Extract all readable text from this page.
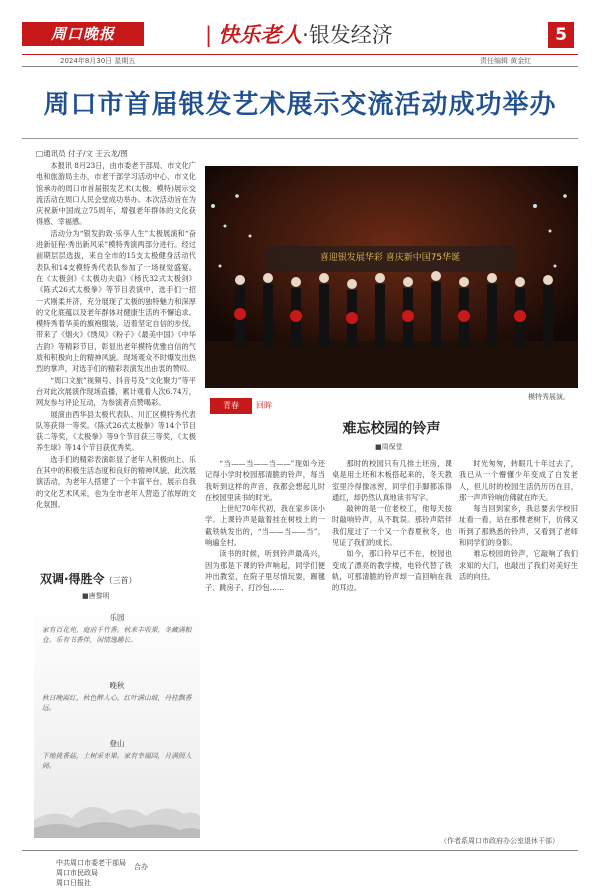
周口晚报	| 快乐老人·银发经济	5
2024年8月30日 星期五	责任编辑 黄金红
周口市首届银发艺术展示交流活动成功举办
□通讯员 付子/文 王云龙/图

本报讯 8月23日，由市委老干部局、市文化广电和旅游局主办，市老干部学习活动中心、市文化馆承办的周口市首届银发艺术(太极、模特)展示交流活动在周口人民会堂成功举办。本次活动旨在为庆祝新中国成立75周年，增强老年群体的文化获得感、幸福感。

活动分为“银发韵致·乐享人生”太极展演和“奋进新征程·秀出新风采”模特秀演两部分进行。经过前期层层选拔，来自全市的15支太极健身活动代表队和14支模特秀代表队参加了一场视觉盛宴。在《太极剑》《太极功夫扇》《杨氏32式太极剑》《陈式26式太极拳》等节目表演中，选手们一招一式刚柔并济，充分展现了太极的独特魅力和深厚的文化底蕴以及老年群体对健康生活的不懈追求。模特秀着华美的旗袍服装，迈着坚定自信的步伐，带来了《烟火》《绣凤》《粉子》《最美中国》《中华古韵》等精彩节目，彰显出老年模特优雅自信的气质和积极向上的精神风貌。现场观众不时爆发出热烈的掌声，对选手们的精彩表演发出由衷的赞叹。

“周口文旅”视频号、抖音号及“文化聚力”等平台对此次展演作现场直播，累计观看人次6.74万，网友参与评论互动，为参演者点赞喝彩。

展演由西华县太极代表队、川汇区模特秀代表队等获得一等奖。《陈式26式太极拳》等14个节目获二等奖，《太极拳》等9个节目获三等奖，《太极养生球》等14个节目获优秀奖。

选手们的精彩表演彰显了老年人积极向上、乐在其中的积极生活态度和良好的精神风貌，此次展演活动，为老年人搭建了一个丰富平台，展示自我的文化艺术风采，也为全市老年人营造了浓厚的文化氛围。

双调·得胜令（三首）
■唐黎明
乐园
家有百花苑，庭前千竹香。秋来丰收果，冬藏满粮仓。乐有书香伴，闲情逸趣长。
晚秋
秋日晚霞红，秋色醉人心。红叶满山坡，丹桂飘香远。
登山
下地挑香菇，上树采枣果。家有幸福园，月满照人间。
喜迎银发展华彩 喜庆新中国75华诞
模特秀展演。
青春	回眸
难忘校园的铃声
■周保堂

“当——当——当——”现如今还记得小学时校园那清脆的铃声，每当我听到这样的声音，我都会想起儿时在校园里读书的时光。

上世纪70年代初，我在家乡读小学。上课铃声是敲着挂在树枝上的一截铁轨发出的，“当——当——当”，响遍全村。

读书的时候，听到铃声最高兴，因为那是下课的铃声响起，同学们便冲出教室，在院子里尽情玩耍，踢毽子、跳房子、打沙包……

那时的校园只有几排土坯房，课桌是用土坯和木板搭起来的，冬天教室里冷得像冰窖，同学们手脚都冻得通红，却仍然认真地读书写字。

敲钟的是一位老校工，他每天按时敲响铃声，从不耽误。那铃声陪伴我们度过了一个又一个春夏秋冬，也见证了我们的成长。

如今，那口铃早已不在，校园也变成了漂亮的教学楼，电铃代替了铁轨，可那清脆的铃声却一直回响在我的耳边。

时光匆匆，转眼几十年过去了，我已从一个懵懂少年变成了白发老人，但儿时的校园生活仍历历在目，那一声声铃响仿佛就在昨天。

每当回到家乡，我总要去学校旧址看一看，站在那棵老树下，仿佛又听到了那熟悉的铃声，又看到了老师和同学们的身影。

难忘校园的铃声，它敲响了我们求知的大门，也敲出了我们对美好生活的向往。

（作者系周口市政府办公室退休干部）
中共周口市委老干部局
周口市民政局
周口日报社
合办
